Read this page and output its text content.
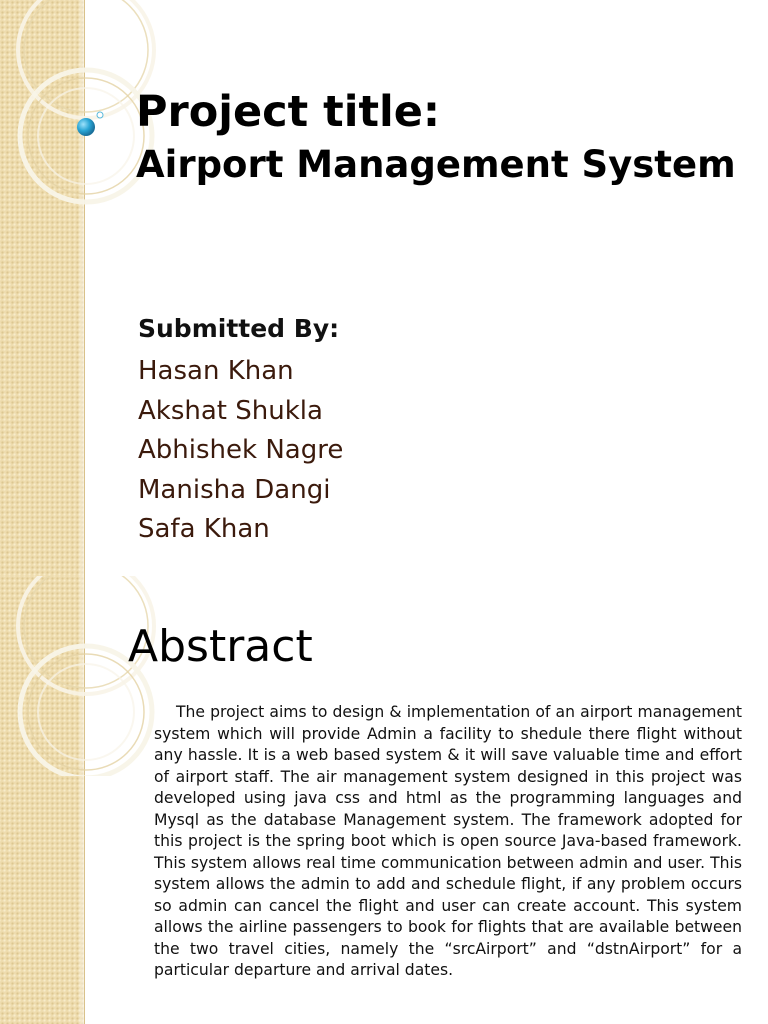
Project title:
Airport Management System
Submitted By:
Hasan Khan
Akshat Shukla
Abhishek Nagre
Manisha Dangi
Safa Khan
Abstract

The project aims to design & implementation of an airport management system which will provide Admin a facility to shedule there flight without any hassle. It is a web based system & it will save valuable time and effort of airport staff. The air management system designed in this project was developed using java css and html as the programming languages and Mysql as the database Management system. The framework adopted for this project is the spring boot which is open source Java-based framework. This system allows real time communication between admin and user. This system allows the admin to add and schedule flight, if any problem occurs so admin can cancel the flight and user can create account. This system allows the airline passengers to book for flights that are available between the two travel cities, namely the “srcAirport” and “dstnAirport” for a particular departure and arrival dates.
